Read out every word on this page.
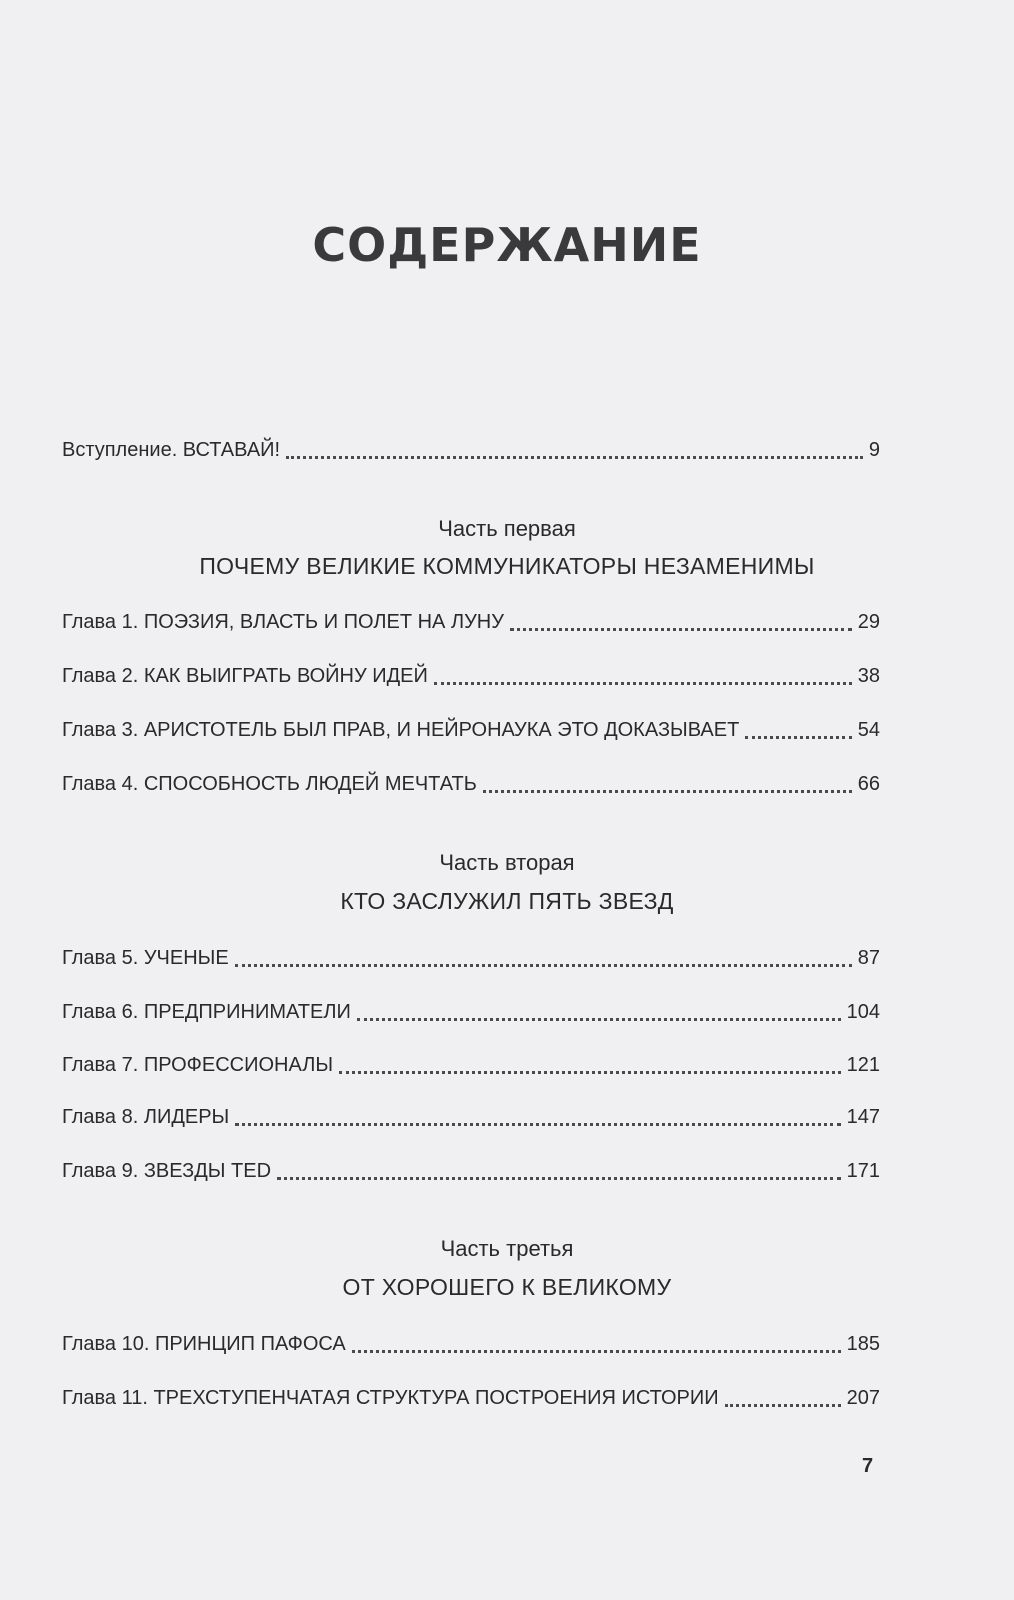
СОДЕРЖАНИЕ
Вступление. ВСТАВАЙ!	9
Часть первая
ПОЧЕМУ ВЕЛИКИЕ КОММУНИКАТОРЫ НЕЗАМЕНИМЫ
Глава 1. ПОЭЗИЯ, ВЛАСТЬ И ПОЛЕТ НА ЛУНУ	29
Глава 2. КАК ВЫИГРАТЬ ВОЙНУ ИДЕЙ	38
Глава 3. АРИСТОТЕЛЬ БЫЛ ПРАВ, И НЕЙРОНАУКА ЭТО ДОКАЗЫВАЕТ	54
Глава 4. СПОСОБНОСТЬ ЛЮДЕЙ МЕЧТАТЬ	66
Часть вторая
КТО ЗАСЛУЖИЛ ПЯТЬ ЗВЕЗД
Глава 5. УЧЕНЫЕ	87
Глава 6. ПРЕДПРИНИМАТЕЛИ	104
Глава 7. ПРОФЕССИОНАЛЫ	121
Глава 8. ЛИДЕРЫ	147
Глава 9. ЗВЕЗДЫ TED	171
Часть третья
ОТ ХОРОШЕГО К ВЕЛИКОМУ
Глава 10. ПРИНЦИП ПАФОСА	185
Глава 11. ТРЕХСТУПЕНЧАТАЯ СТРУКТУРА ПОСТРОЕНИЯ ИСТОРИИ	207
7
